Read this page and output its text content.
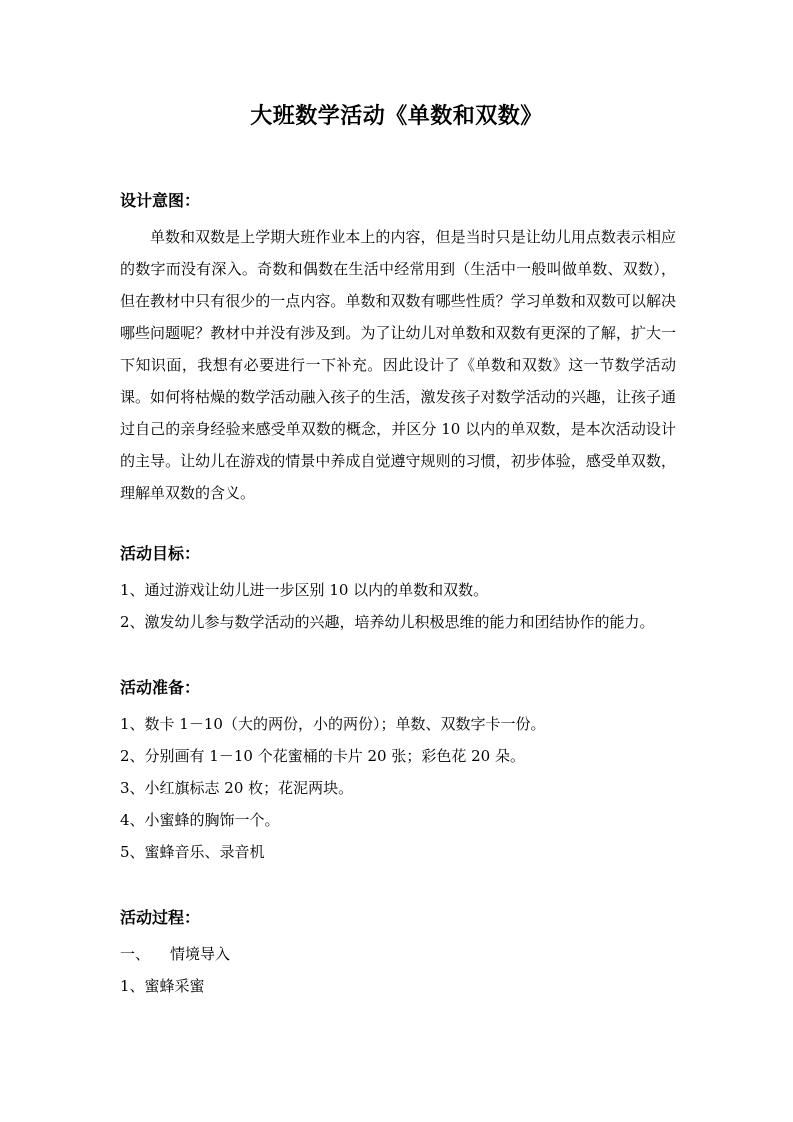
大班数学活动《单数和双数》
设计意图：
单数和双数是上学期大班作业本上的内容，但是当时只是让幼儿用点数表示相应的数字而没有深入。奇数和偶数在生活中经常用到（生活中一般叫做单数、双数），但在教材中只有很少的一点内容。单数和双数有哪些性质？学习单数和双数可以解决哪些问题呢？教材中并没有涉及到。为了让幼儿对单数和双数有更深的了解，扩大一下知识面，我想有必要进行一下补充。因此设计了《单数和双数》这一节数学活动课。如何将枯燥的数学活动融入孩子的生活，激发孩子对数学活动的兴趣，让孩子通过自己的亲身经验来感受单双数的概念，并区分 10 以内的单双数，是本次活动设计的主导。让幼儿在游戏的情景中养成自觉遵守规则的习惯，初步体验，感受单双数，理解单双数的含义。
活动目标：
1、通过游戏让幼儿进一步区别 10 以内的单数和双数。
2、激发幼儿参与数学活动的兴趣，培养幼儿积极思维的能力和团结协作的能力。
活动准备：
1、数卡 1－10（大的两份，小的两份）；单数、双数字卡一份。
2、分别画有 1－10 个花蜜桶的卡片 20 张；彩色花 20 朵。
3、小红旗标志 20 枚；花泥两块。
4、小蜜蜂的胸饰一个。
5、蜜蜂音乐、录音机
活动过程：
一、 情境导入
1、蜜蜂采蜜
